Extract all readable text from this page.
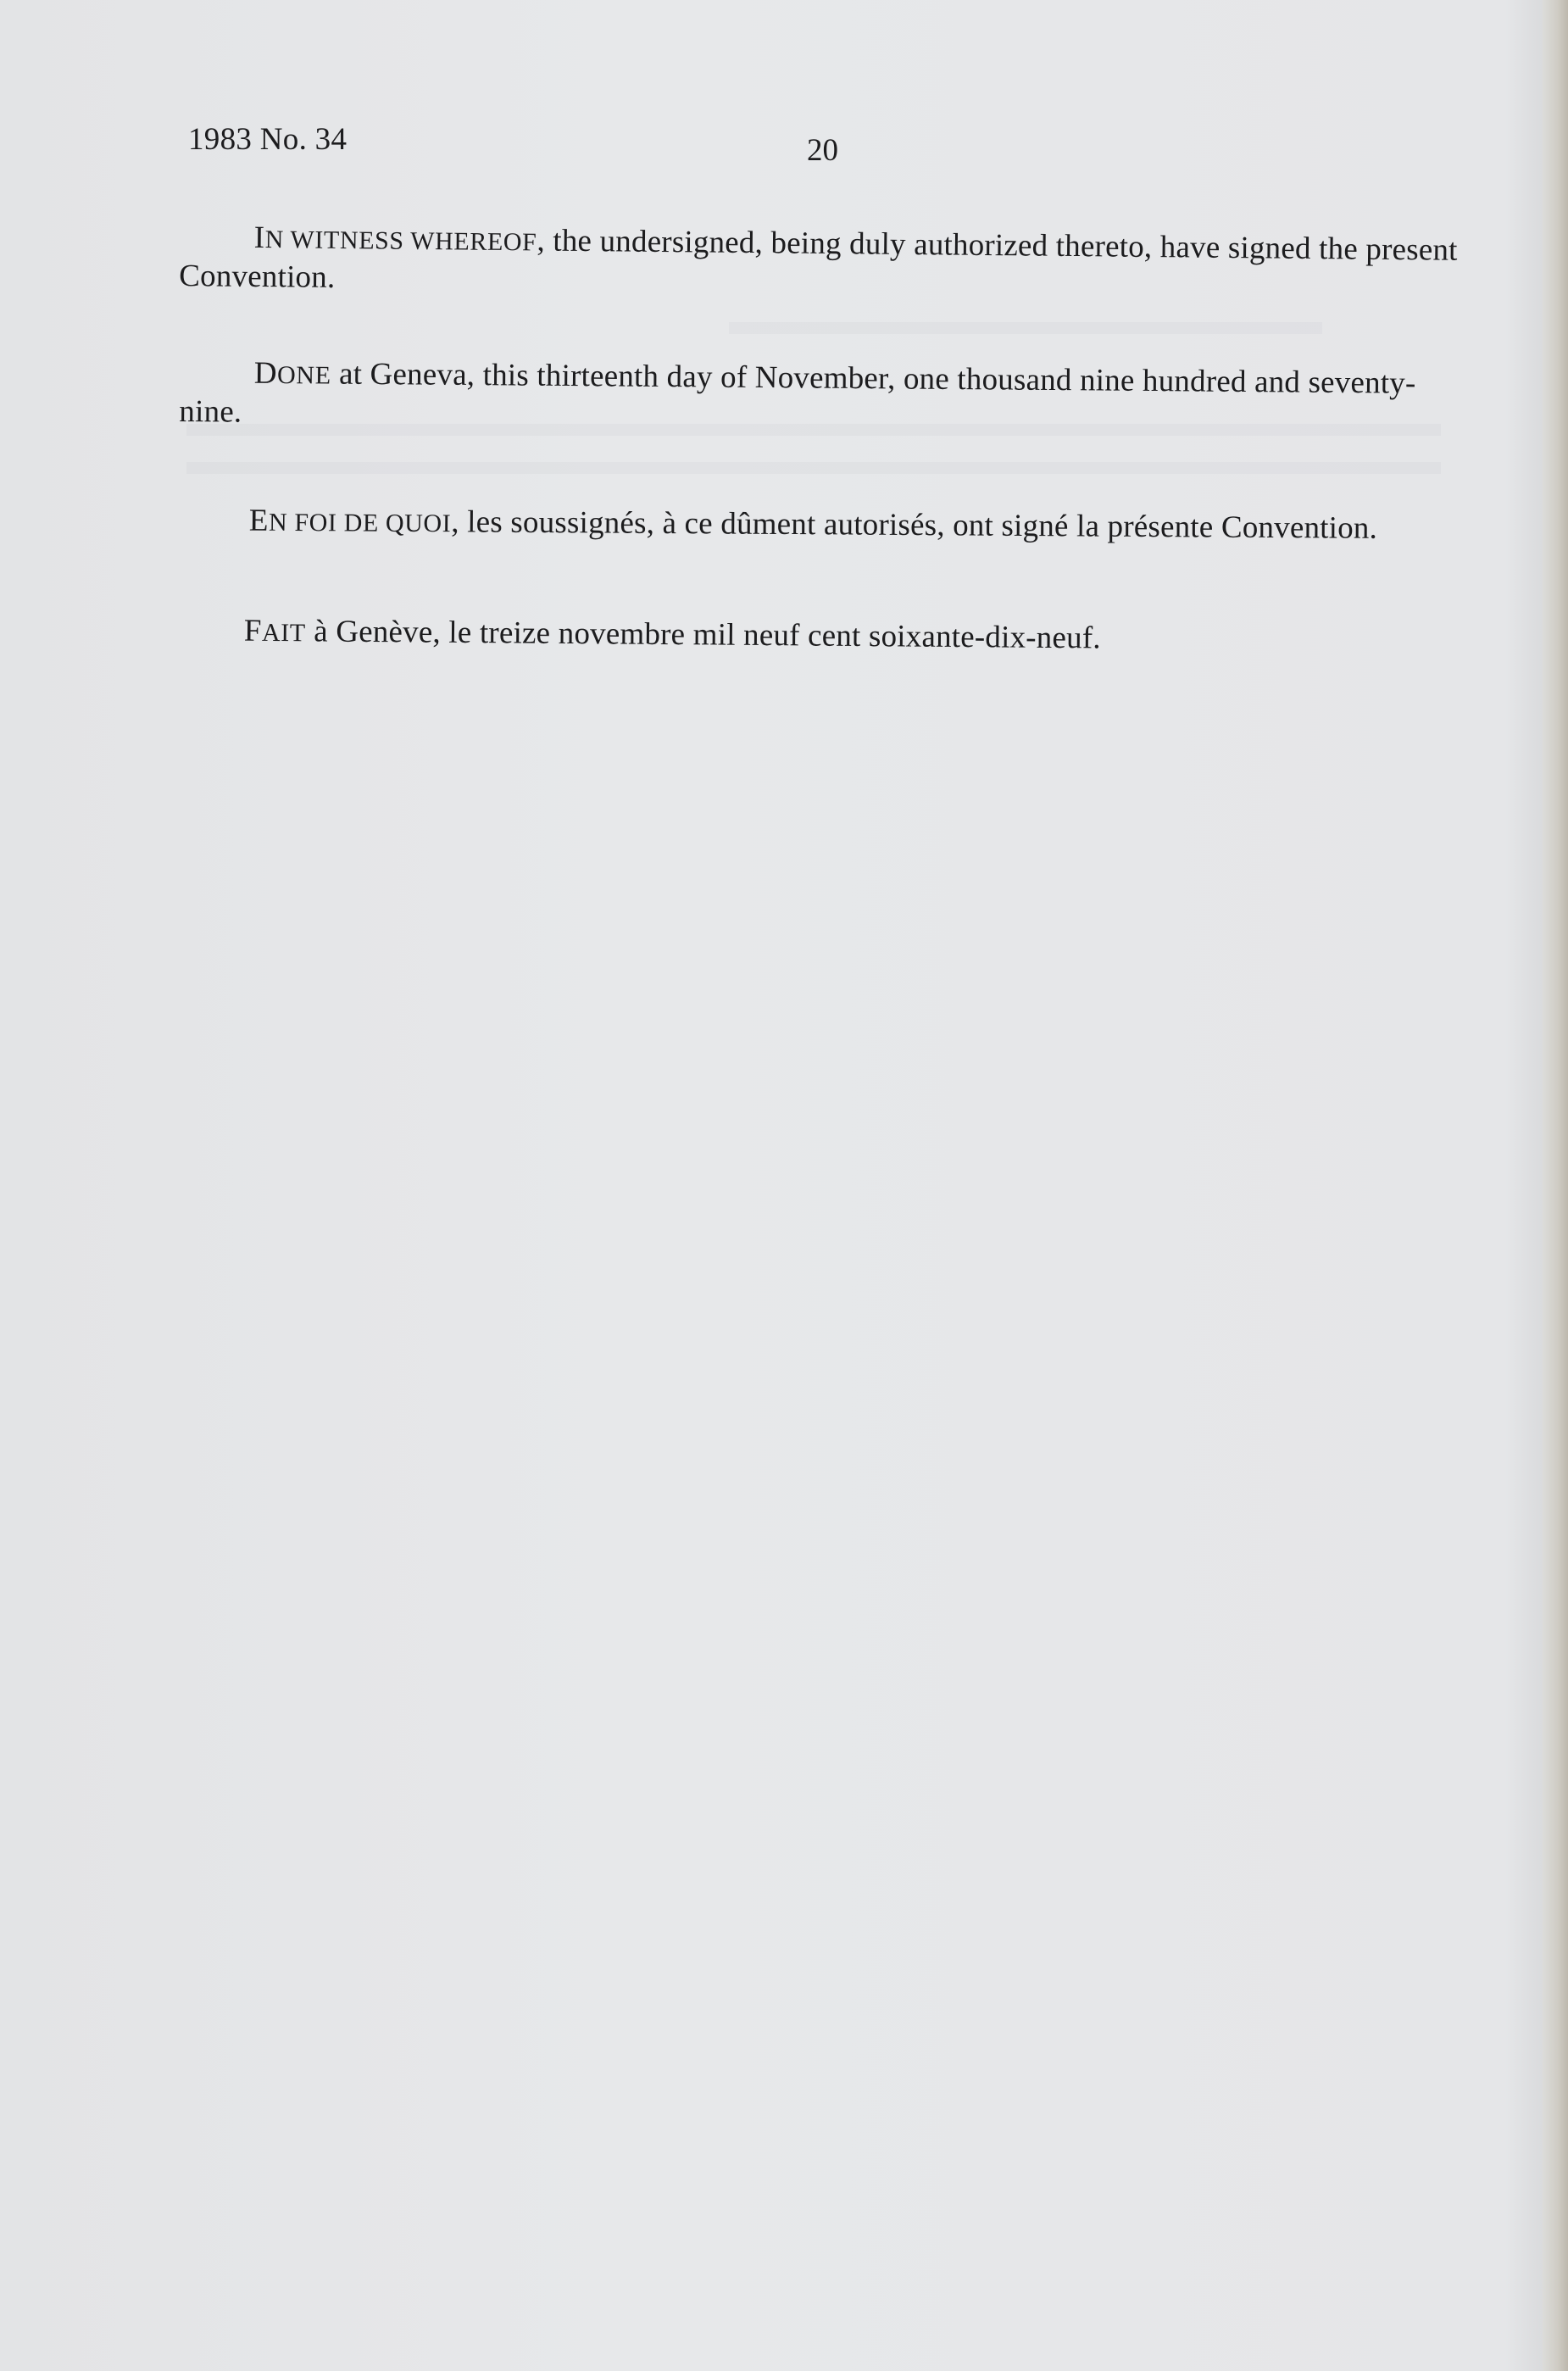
1983 No. 34	20
IN WITNESS WHEREOF, the undersigned, being duly authorized thereto, have signed the present Convention.
DONE at Geneva, this thirteenth day of November, one thousand nine hundred and seventy-nine.
EN FOI DE QUOI, les soussignés, à ce dûment autorisés, ont signé la présente Convention.
FAIT à Genève, le treize novembre mil neuf cent soixante-dix-neuf.
